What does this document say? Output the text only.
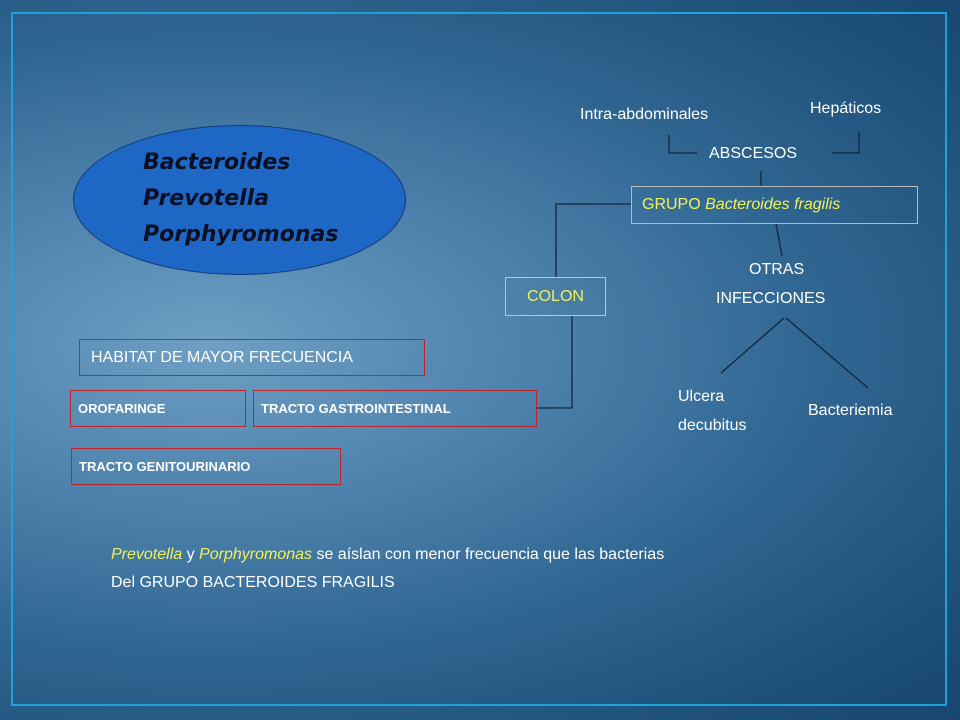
Bacteroides
Prevotella
Porphyromonas
Intra-abdominales	Hepáticos
ABSCESOS
GRUPO Bacteroides fragilis
OTRAS
INFECCIONES
COLON
Ulcera
decubitus
Bacteriemia
HABITAT DE MAYOR FRECUENCIA
OROFARINGE	TRACTO GASTROINTESTINAL
TRACTO GENITOURINARIO
Prevotella y Porphyromonas se aíslan con menor frecuencia que las bacterias
Del GRUPO BACTEROIDES FRAGILIS
